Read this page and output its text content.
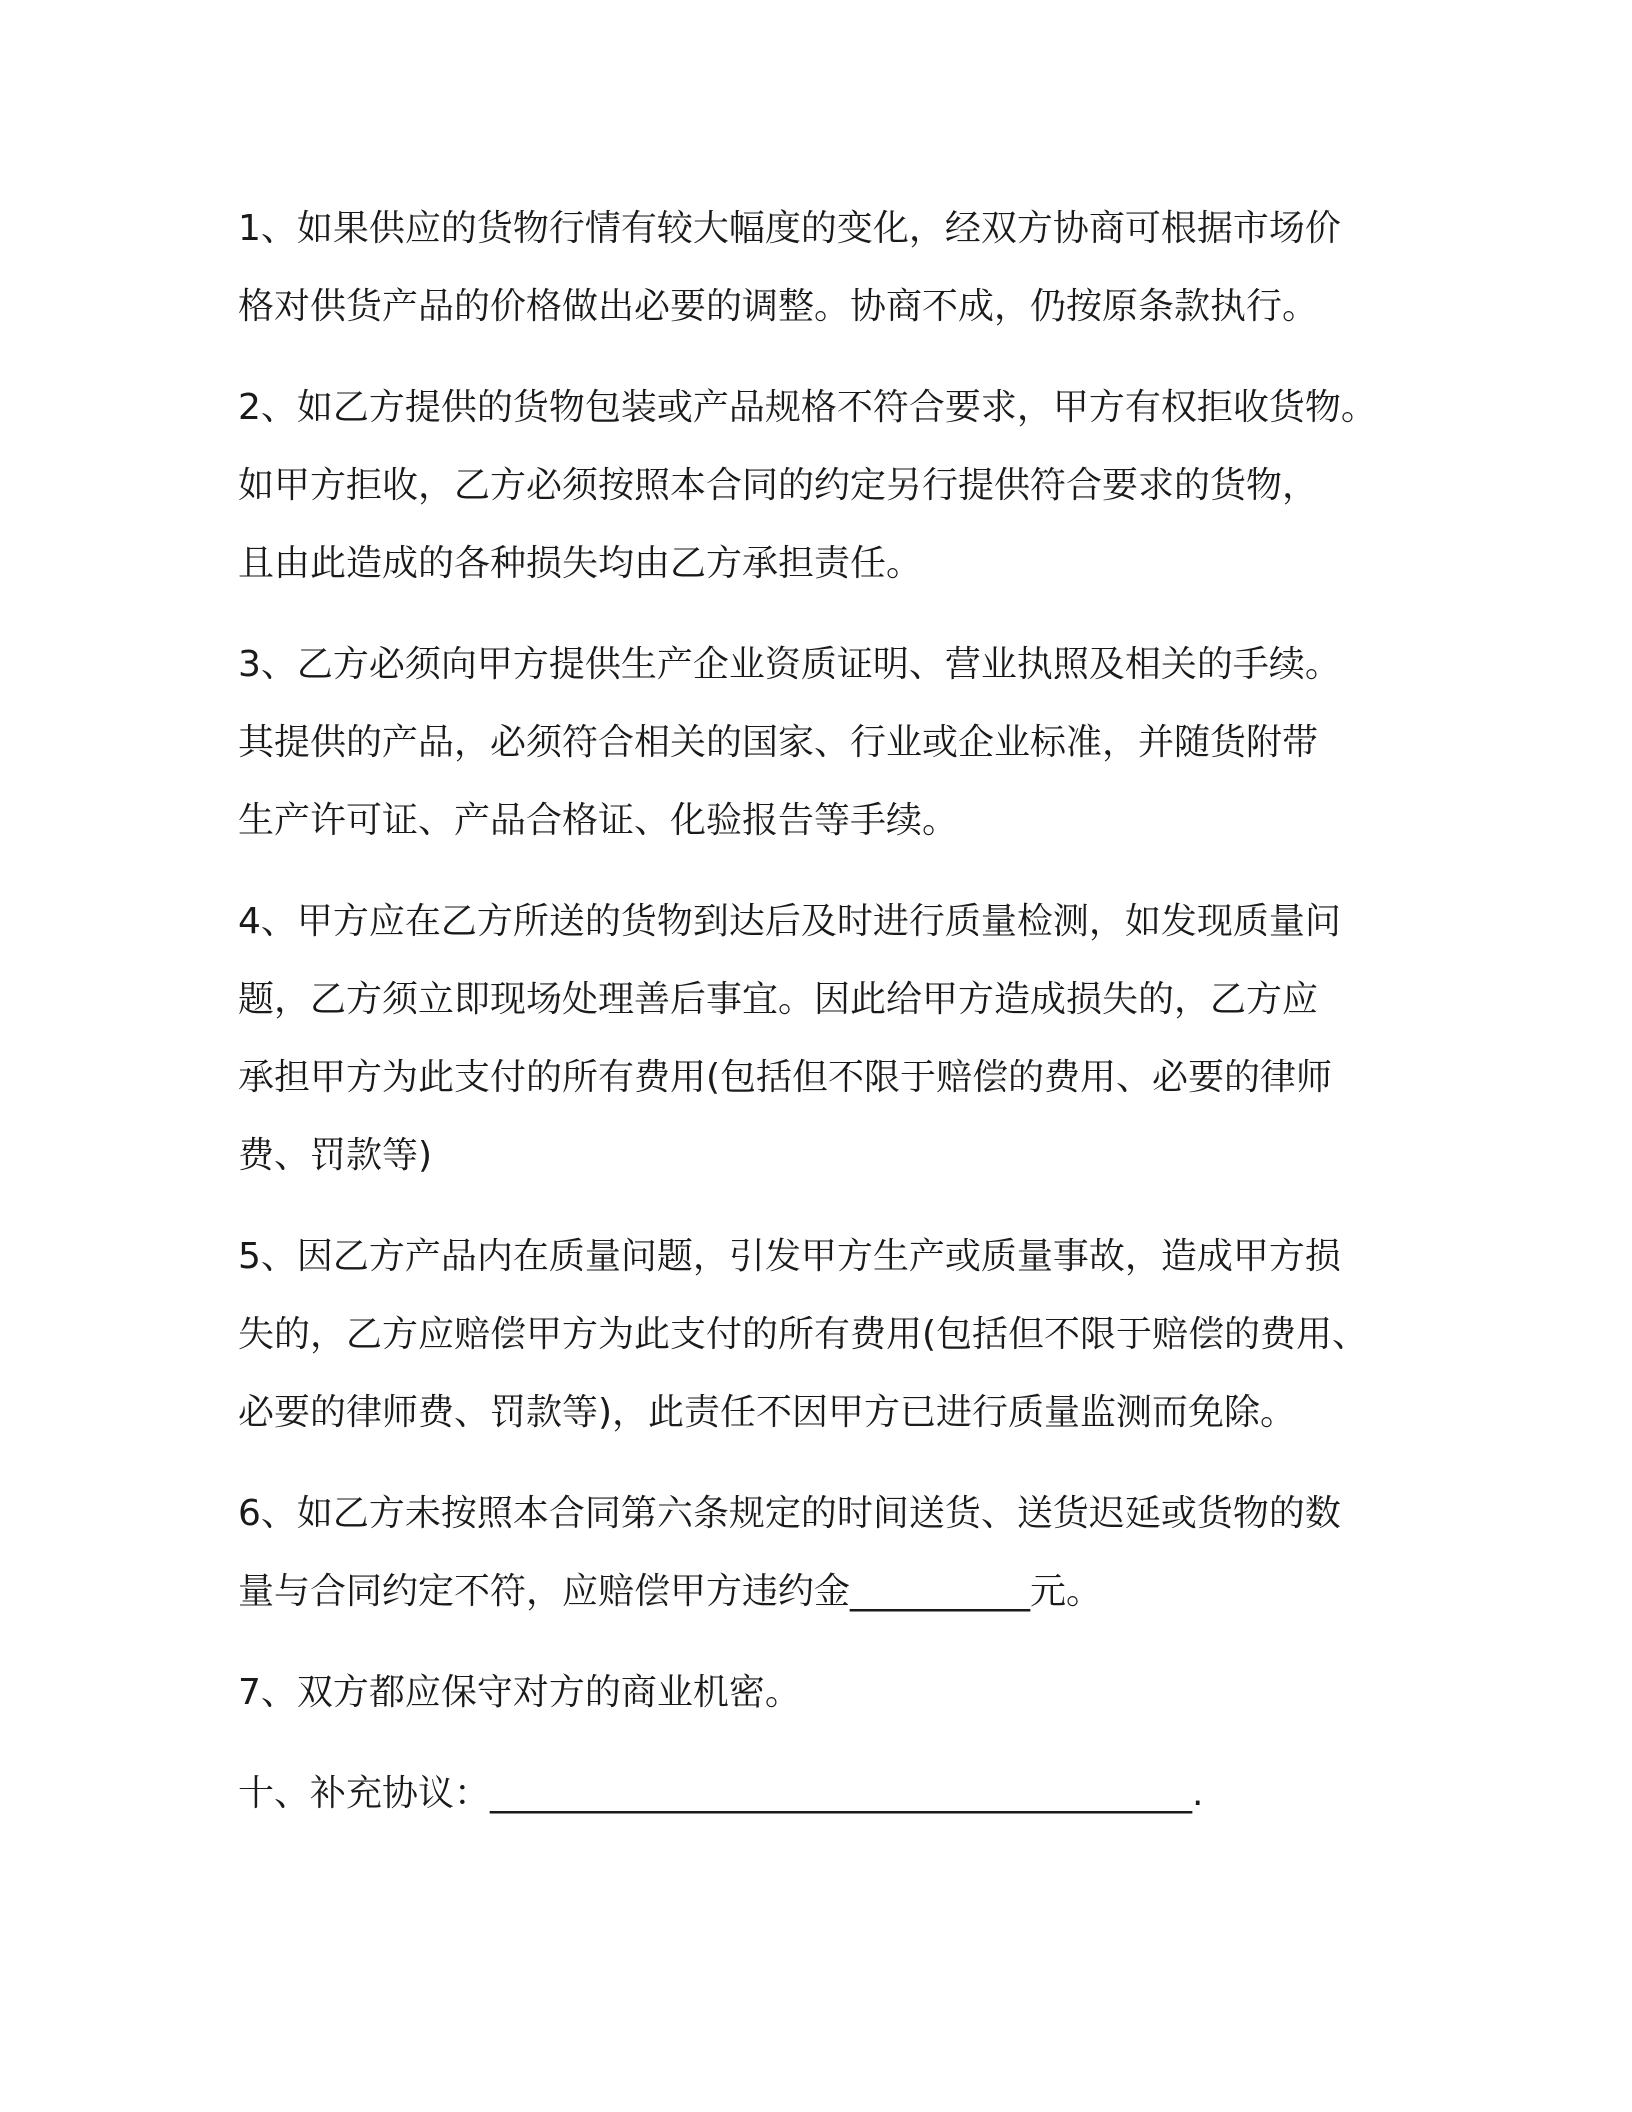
1、如果供应的货物行情有较大幅度的变化，经双方协商可根据市场价
格对供货产品的价格做出必要的调整。协商不成，仍按原条款执行。

2、如乙方提供的货物包装或产品规格不符合要求，甲方有权拒收货物。
如甲方拒收，乙方必须按照本合同的约定另行提供符合要求的货物，
且由此造成的各种损失均由乙方承担责任。

3、乙方必须向甲方提供生产企业资质证明、营业执照及相关的手续。
其提供的产品，必须符合相关的国家、行业或企业标准，并随货附带
生产许可证、产品合格证、化验报告等手续。

4、甲方应在乙方所送的货物到达后及时进行质量检测，如发现质量问
题，乙方须立即现场处理善后事宜。因此给甲方造成损失的，乙方应
承担甲方为此支付的所有费用(包括但不限于赔偿的费用、必要的律师
费、罚款等)

5、因乙方产品内在质量问题，引发甲方生产或质量事故，造成甲方损
失的，乙方应赔偿甲方为此支付的所有费用(包括但不限于赔偿的费用、
必要的律师费、罚款等)，此责任不因甲方已进行质量监测而免除。

6、如乙方未按照本合同第六条规定的时间送货、送货迟延或货物的数
量与合同约定不符，应赔偿甲方违约金__________元。

7、双方都应保守对方的商业机密。

十、补充协议：_______________________________________.
